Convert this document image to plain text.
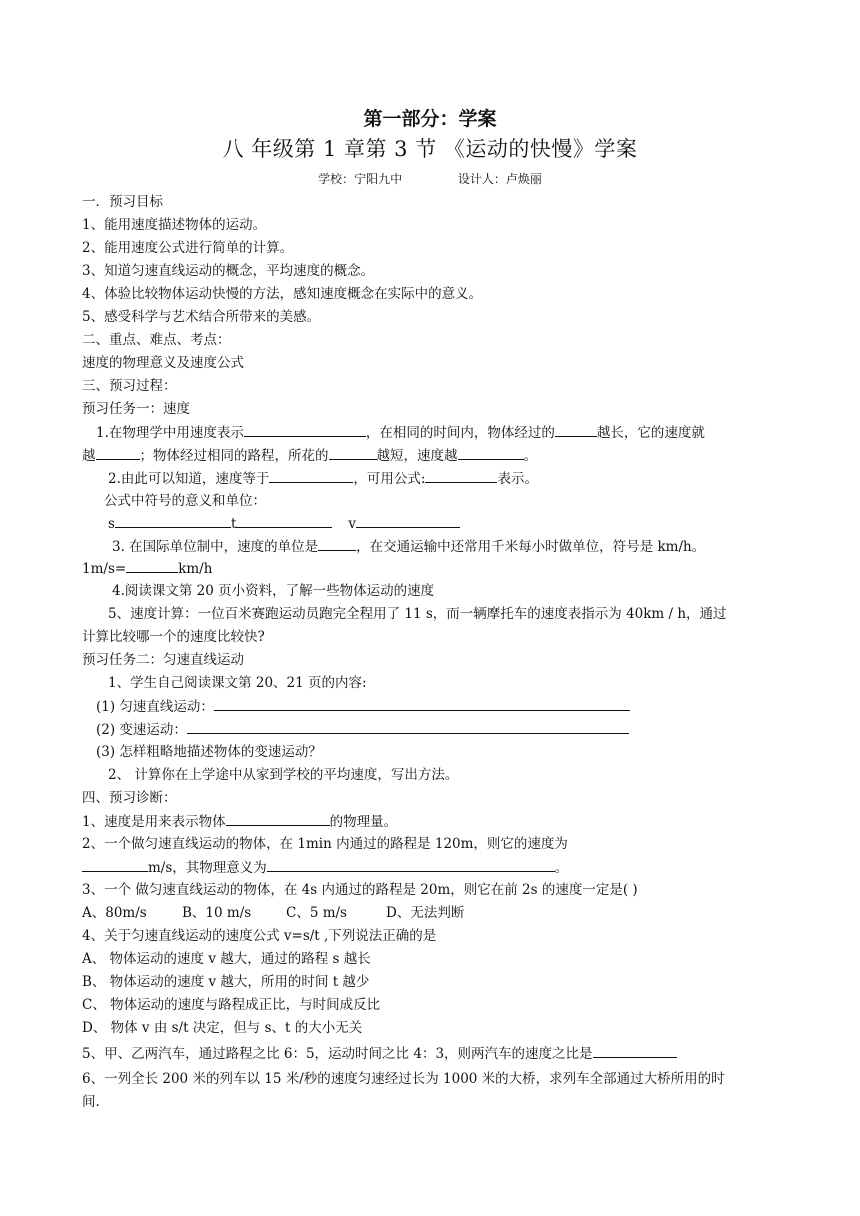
第一部分：学案
八 年级第 1 章第 3 节 《运动的快慢》学案
学校：宁阳九中	设计人：卢焕丽
一．预习目标
1、能用速度描述物体的运动。
2、能用速度公式进行简单的计算。
3、知道匀速直线运动的概念，平均速度的概念。
4、体验比较物体运动快慢的方法，感知速度概念在实际中的意义。
5、感受科学与艺术结合所带来的美感。
二、重点、难点、考点：
速度的物理意义及速度公式
三、预习过程：
预习任务一：速度
1.在物理学中用速度表示	，在相同的时间内，物体经过的	越长，它的速度就
越	；物体经过相同的路程，所花的	越短，速度越	。
2.由此可以知道，速度等于	，可用公式:	表示。
公式中符号的意义和单位：
s	t	v
3. 在国际单位制中，速度的单位是	，在交通运输中还常用千米每小时做单位，符号是 km/h。
1m/s=	km/h
4.阅读课文第 20 页小资料，了解一些物体运动的速度
5、速度计算：一位百米赛跑运动员跑完全程用了 11 s，而一辆摩托车的速度表指示为 40km / h，通过
计算比较哪一个的速度比较快?
预习任务二：匀速直线运动
1、学生自己阅读课文第 20、21 页的内容:
(1) 匀速直线运动：
(2) 变速运动：
(3) 怎样粗略地描述物体的变速运动？
2、 计算你在上学途中从家到学校的平均速度，写出方法。
四、预习诊断：
1、速度是用来表示物体	的物理量。
2、一个做匀速直线运动的物体，在 1min 内通过的路程是 120m，则它的速度为
m/s，其物理意义为	。
3、一个 做匀速直线运动的物体，在 4s 内通过的路程是 20m，则它在前 2s 的速度一定是( )
A、80m/s	B、10 m/s	C、5 m/s	D、无法判断
4、关于匀速直线运动的速度公式 v=s/t ,下列说法正确的是
A、 物体运动的速度 v 越大，通过的路程 s 越长
B、 物体运动的速度 v 越大，所用的时间 t 越少
C、 物体运动的速度与路程成正比，与时间成反比
D、 物体 v 由 s/t 决定，但与 s、t 的大小无关
5、甲、乙两汽车，通过路程之比 6：5，运动时间之比 4：3，则两汽车的速度之比是
6、一列全长 200 米的列车以 15 米/秒的速度匀速经过长为 1000 米的大桥，求列车全部通过大桥所用的时
间.
